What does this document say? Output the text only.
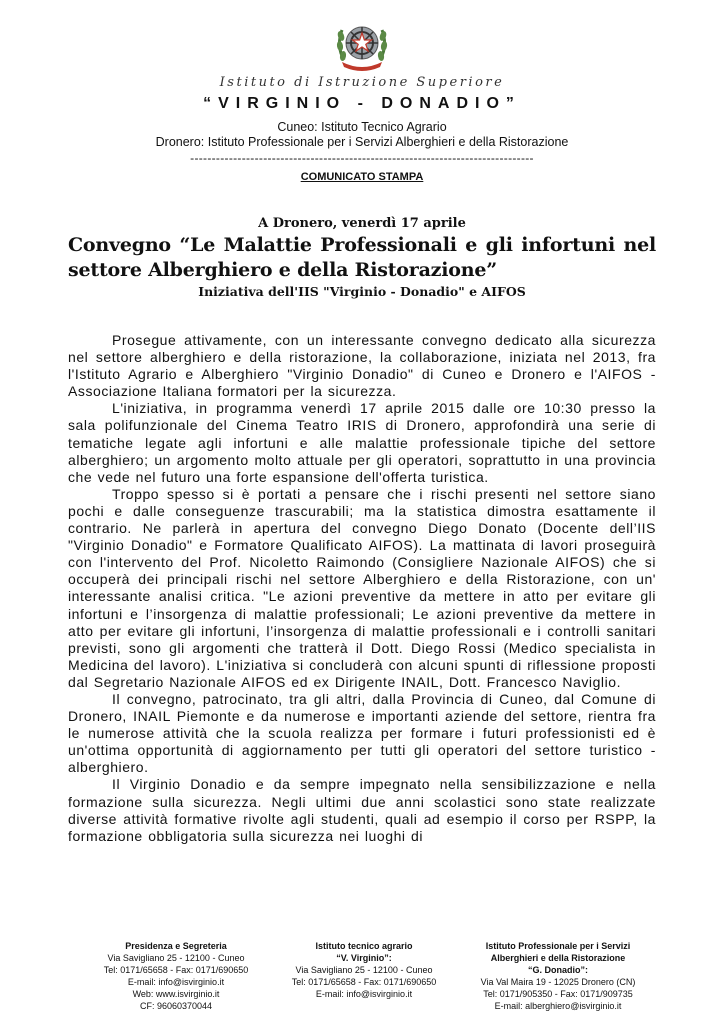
Istituto di Istruzione Superiore
“VIRGINIO - DONADIO”
Cuneo: Istituto Tecnico Agrario
Dronero: Istituto Professionale per i Servizi Alberghieri e della Ristorazione
--------------------------------------------------------------------------------
COMUNICATO STAMPA
A Dronero, venerdì 17 aprile
Convegno “Le Malattie Professionali e gli infortuni nel
settore Alberghiero e della Ristorazione”
Iniziativa dell'IIS "Virginio - Donadio" e AIFOS

Prosegue attivamente, con un interessante convegno dedicato alla sicurezza nel settore alberghiero e della ristorazione, la collaborazione, iniziata nel 2013, fra l'Istituto Agrario e Alberghiero "Virginio Donadio" di Cuneo e Dronero e l'AIFOS - Associazione Italiana formatori per la sicurezza.

L'iniziativa, in programma venerdì 17 aprile 2015 dalle ore 10:30 presso la sala polifunzionale del Cinema Teatro IRIS di Dronero, approfondirà una serie di tematiche legate agli infortuni e alle malattie professionale tipiche del settore alberghiero; un argomento molto attuale per gli operatori, soprattutto in una provincia che vede nel futuro una forte espansione dell'offerta turistica.

Troppo spesso si è portati a pensare che i rischi presenti nel settore siano pochi e dalle conseguenze trascurabili; ma la statistica dimostra esattamente il contrario. Ne parlerà in apertura del convegno Diego Donato (Docente dell’IIS "Virginio Donadio" e Formatore Qualificato AIFOS). La mattinata di lavori proseguirà con l'intervento del Prof. Nicoletto Raimondo (Consigliere Nazionale AIFOS) che si occuperà dei principali rischi nel settore Alberghiero e della Ristorazione, con un' interessante analisi critica. "Le azioni preventive da mettere in atto per evitare gli infortuni e l’insorgenza di malattie professionali; Le azioni preventive da mettere in atto per evitare gli infortuni, l’insorgenza di malattie professionali e i controlli sanitari previsti, sono gli argomenti che tratterà il Dott. Diego Rossi (Medico specialista in Medicina del lavoro). L'iniziativa si concluderà con alcuni spunti di riflessione proposti dal Segretario Nazionale AIFOS ed ex Dirigente INAIL, Dott. Francesco Naviglio.

Il convegno, patrocinato, tra gli altri, dalla Provincia di Cuneo, dal Comune di Dronero, INAIL Piemonte e da numerose e importanti aziende del settore, rientra fra le numerose attività che la scuola realizza per formare i futuri professionisti ed è un'ottima opportunità di aggiornamento per tutti gli operatori del settore turistico - alberghiero.

Il Virginio Donadio e da sempre impegnato nella sensibilizzazione e nella formazione sulla sicurezza. Negli ultimi due anni scolastici sono state realizzate diverse attività formative rivolte agli studenti, quali ad esempio il corso per RSPP, la formazione obbligatoria sulla sicurezza nei luoghi di

Presidenza e Segreteria
Via Savigliano 25 - 12100 - Cuneo
Tel: 0171/65658 - Fax: 0171/690650
E-mail: info@isvirginio.it
Web: www.isvirginio.it
CF: 96060370044
Istituto tecnico agrario
“V. Virginio”:
Via Savigliano 25 - 12100 - Cuneo
Tel: 0171/65658 - Fax: 0171/690650
E-mail: info@isvirginio.it
Istituto Professionale per i Servizi
Alberghieri e della Ristorazione
“G. Donadio”:
Via Val Maira 19 - 12025 Dronero (CN)
Tel: 0171/905350 - Fax: 0171/909735
E-mail: alberghiero@isvirginio.it
